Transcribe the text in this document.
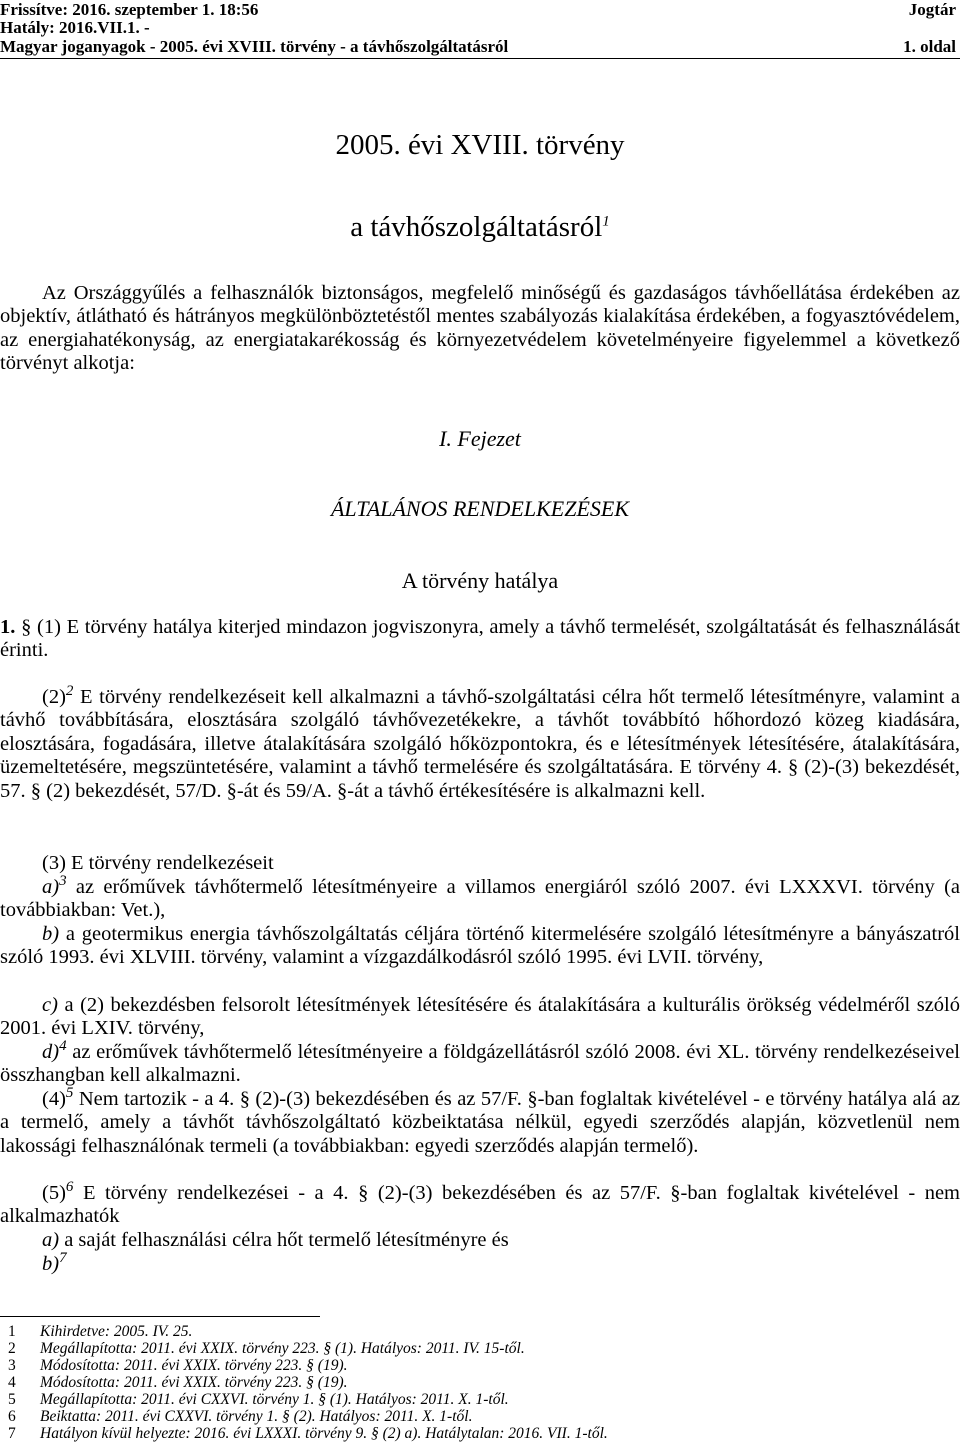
Frissítve: 2016. szeptember 1. 18:56	Jogtár
Hatály: 2016.VII.1. -
Magyar joganyagok - 2005. évi XVIII. törvény - a távhőszolgáltatásról	1. oldal
2005. évi XVIII. törvény
a távhőszolgáltatásról$^1$

Az Országgyűlés a felhasználók biztonságos, megfelelő minőségű és gazdaságos távhőellátása érdekében az objektív, átlátható és hátrányos megkülönböztetéstől mentes szabályozás kialakítása érdekében, a fogyasztóvédelem, az energiahatékonyság, az energiatakarékosság és környezetvédelem követelményeire figyelemmel a következő törvényt alkotja:

I. Fejezet
ÁLTALÁNOS RENDELKEZÉSEK
A törvény hatálya

1. § (1) E törvény hatálya kiterjed mindazon jogviszonyra, amely a távhő termelését, szolgáltatását és felhasználását érinti.

$(2)^2$ E törvény rendelkezéseit kell alkalmazni a távhő-szolgáltatási célra hőt termelő létesítményre, valamint a távhő továbbítására, elosztására szolgáló távhővezetékekre, a távhőt továbbító hőhordozó közeg kiadására, elosztására, fogadására, illetve átalakítására szolgáló hőközpontokra, és e létesítmények létesítésére, átalakítására, üzemeltetésére, megszüntetésére, valamint a távhő termelésére és szolgáltatására. E törvény 4. § (2)-(3) bekezdését, 57. § (2) bekezdését, 57/D. §-át és 59/A. §-át a távhő értékesítésére is alkalmazni kell.

(3) E törvény rendelkezéseit

a)$^3$ az erőművek távhőtermelő létesítményeire a villamos energiáról szóló 2007. évi LXXXVI. törvény (a továbbiakban: Vet.),

b) a geotermikus energia távhőszolgáltatás céljára történő kitermelésére szolgáló létesítményre a bányászatról szóló 1993. évi XLVIII. törvény, valamint a vízgazdálkodásról szóló 1995. évi LVII. törvény,

c) a (2) bekezdésben felsorolt létesítmények létesítésére és átalakítására a kulturális örökség védelméről szóló 2001. évi LXIV. törvény,

d)$^4$ az erőművek távhőtermelő létesítményeire a földgázellátásról szóló 2008. évi XL. törvény rendelkezéseivel összhangban kell alkalmazni.

$(4)^5$ Nem tartozik - a 4. § (2)-(3) bekezdésében és az 57/F. §-ban foglaltak kivételével - e törvény hatálya alá az a termelő, amely a távhőt távhőszolgáltató közbeiktatása nélkül, egyedi szerződés alapján, közvetlenül nem lakossági felhasználónak termeli (a továbbiakban: egyedi szerződés alapján termelő).

$(5)^6$ E törvény rendelkezései - a 4. § (2)-(3) bekezdésében és az 57/F. §-ban foglaltak kivételével - nem alkalmazhatók

a) a saját felhasználási célra hőt termelő létesítményre és
b)$^7$
1 Kihirdetve: 2005. IV. 25.
2 Megállapította: 2011. évi XXIX. törvény 223. § (1). Hatályos: 2011. IV. 15-től.
3 Módosította: 2011. évi XXIX. törvény 223. § (19).
4 Módosította: 2011. évi XXIX. törvény 223. § (19).
5 Megállapította: 2011. évi CXXVI. törvény 1. § (1). Hatályos: 2011. X. 1-től.
6 Beiktatta: 2011. évi CXXVI. törvény 1. § (2). Hatályos: 2011. X. 1-től.
7 Hatályon kívül helyezte: 2016. évi LXXXI. törvény 9. § (2) a). Hatálytalan: 2016. VII. 1-től.
